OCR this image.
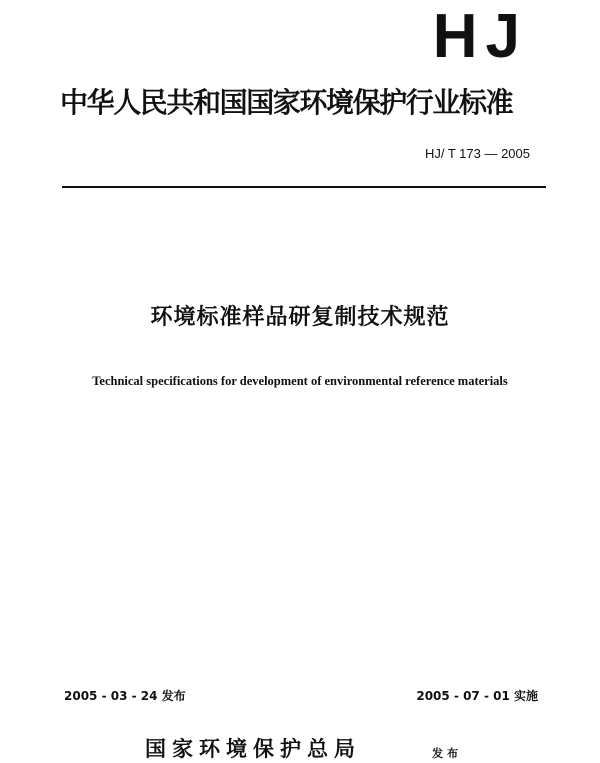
HJ
中华人民共和国国家环境保护行业标准
HJ/ T 173 — 2005
环境标准样品研复制技术规范
Technical specifications for development of environmental reference materials
2005 - 03 - 24 发布	2005 - 07 - 01 实施
国家环境保护总局	发布
